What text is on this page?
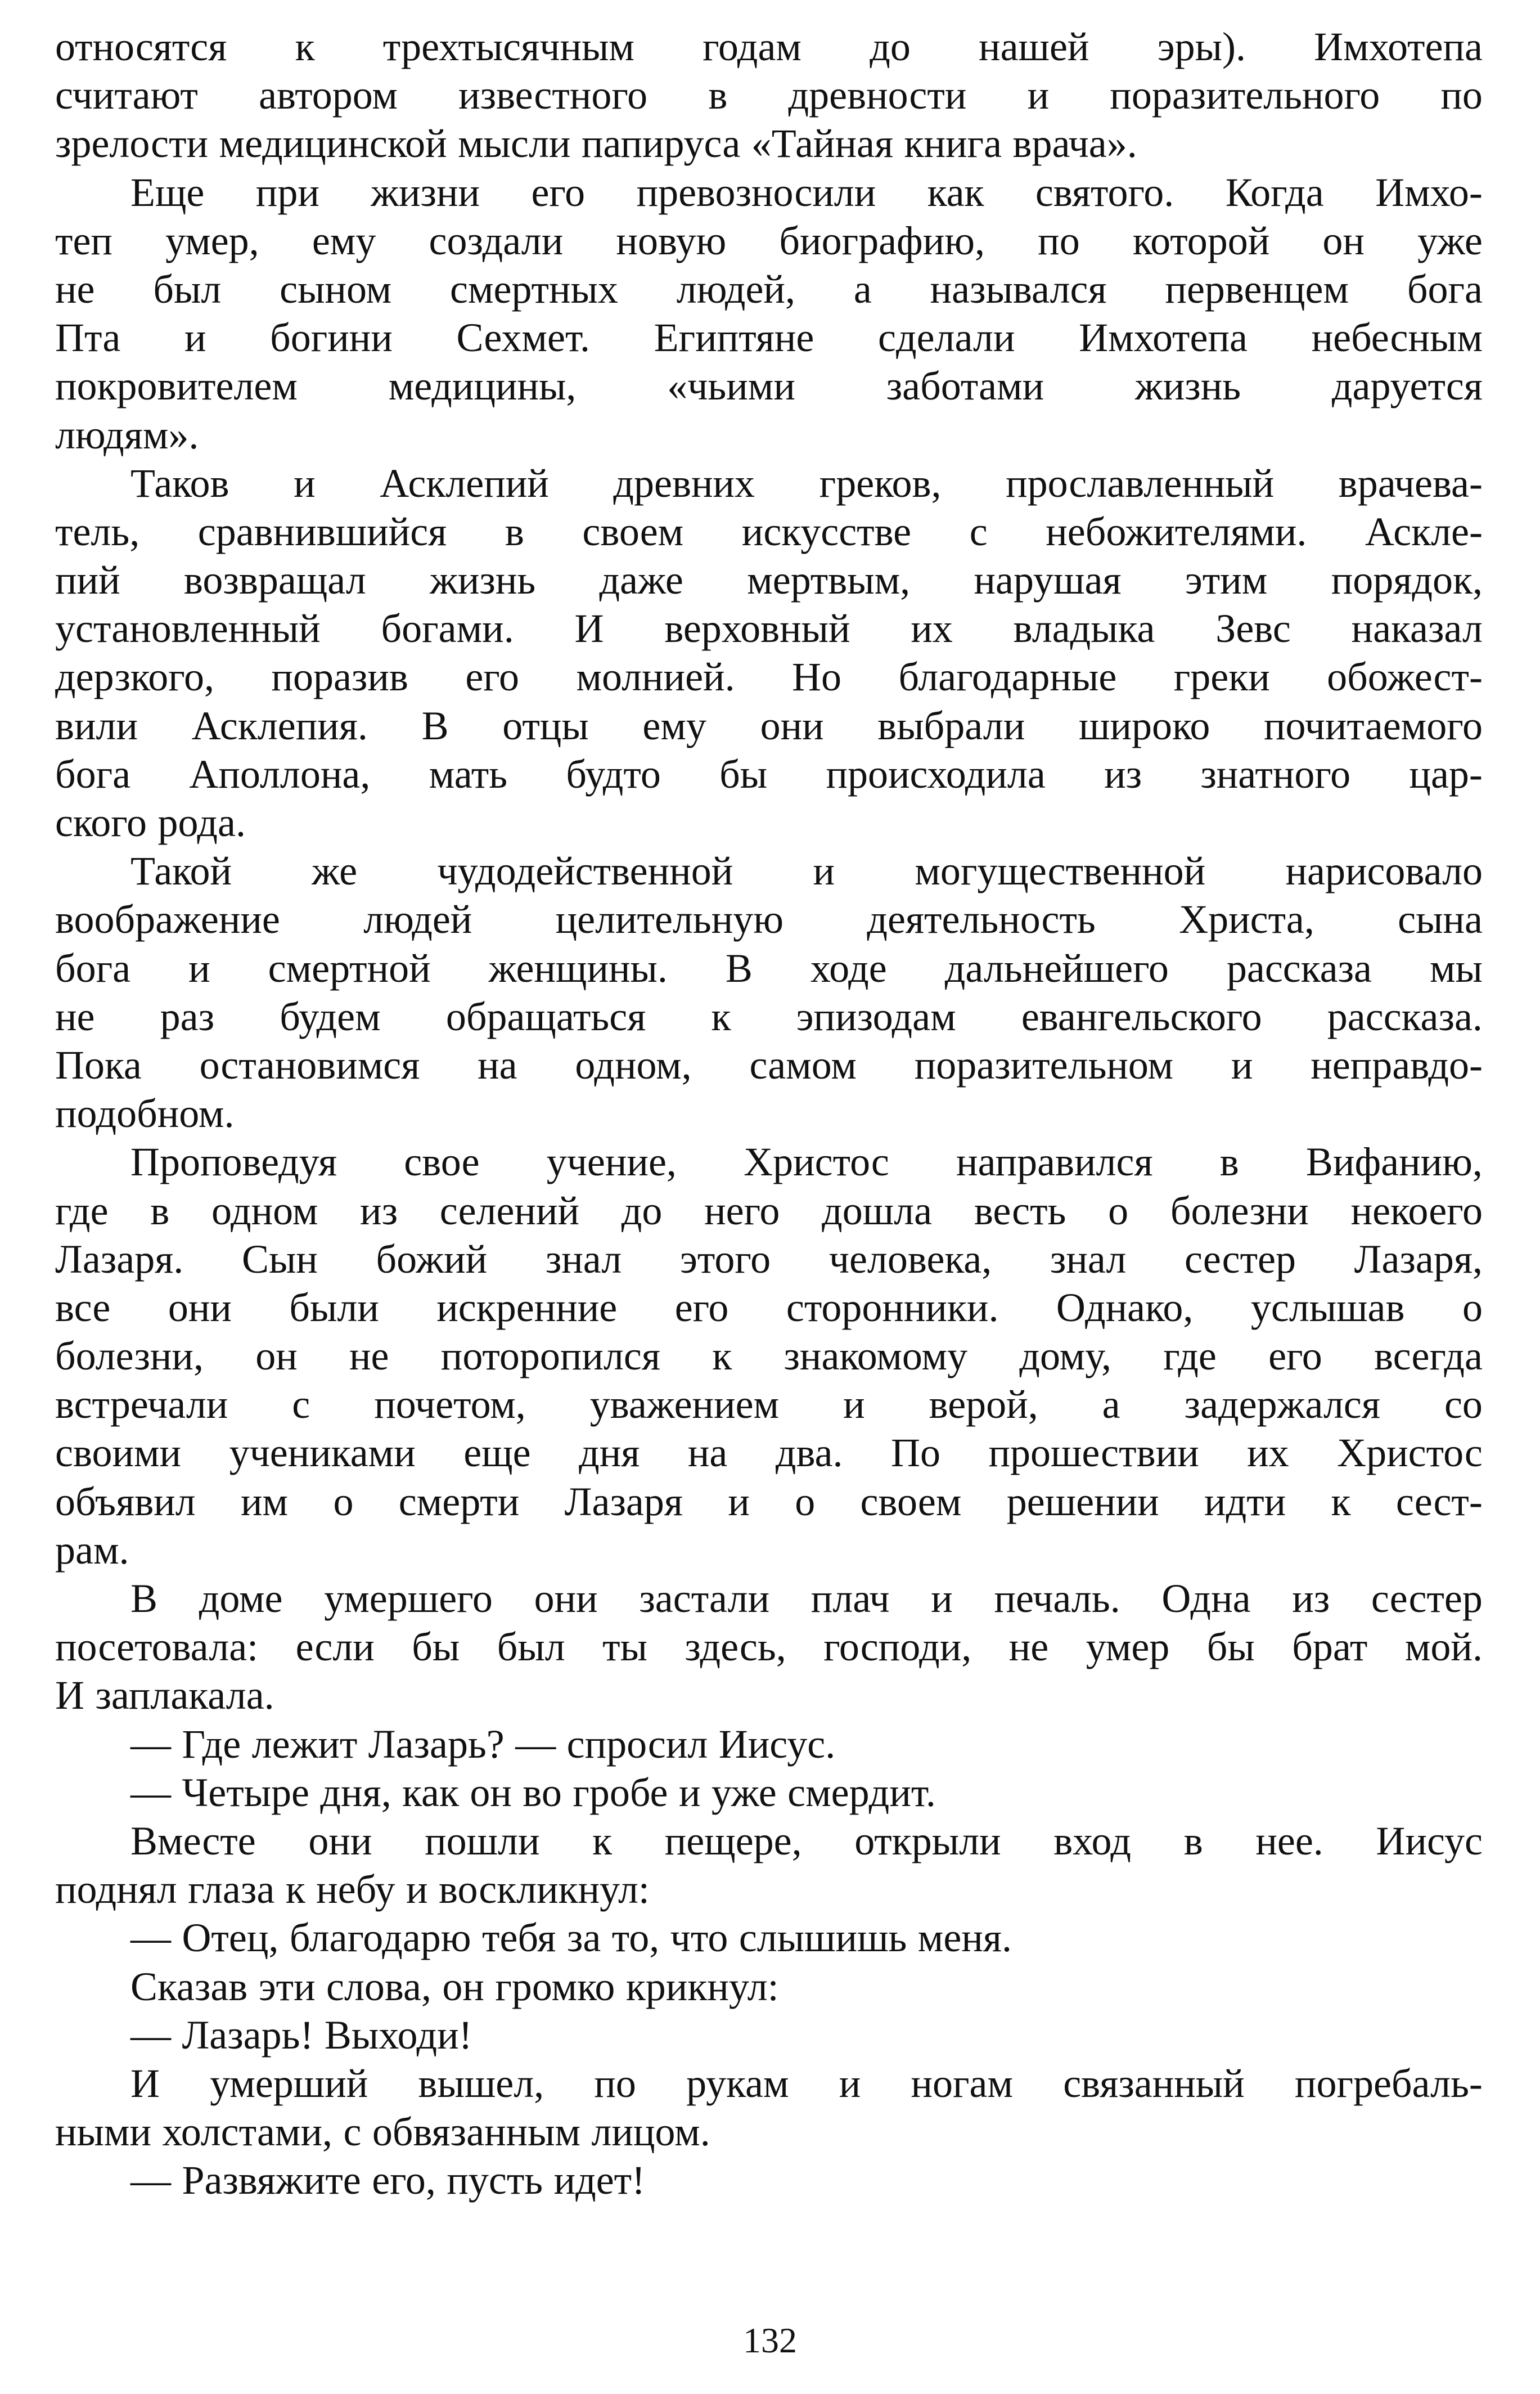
относятся к трехтысячным годам до нашей эры). Имхотепа
считают автором известного в древности и поразительного по
зрелости медицинской мысли папируса «Тайная книга врача».
Еще при жизни его превозносили как святого. Когда Имхо-
теп умер, ему создали новую биографию, по которой он уже
не был сыном смертных людей, а назывался первенцем бога
Пта и богини Сехмет. Египтяне сделали Имхотепа небесным
покровителем медицины, «чьими заботами жизнь даруется
людям».
Таков и Асклепий древних греков, прославленный врачева-
тель, сравнившийся в своем искусстве с небожителями. Аскле-
пий возвращал жизнь даже мертвым, нарушая этим порядок,
установленный богами. И верховный их владыка Зевс наказал
дерзкого, поразив его молнией. Но благодарные греки обожест-
вили Асклепия. В отцы ему они выбрали широко почитаемого
бога Аполлона, мать будто бы происходила из знатного цар-
ского рода.
Такой же чудодейственной и могущественной нарисовало
воображение людей целительную деятельность Христа, сына
бога и смертной женщины. В ходе дальнейшего рассказа мы
не раз будем обращаться к эпизодам евангельского рассказа.
Пока остановимся на одном, самом поразительном и неправдо-
подобном.
Проповедуя свое учение, Христос направился в Вифанию,
где в одном из селений до него дошла весть о болезни некоего
Лазаря. Сын божий знал этого человека, знал сестер Лазаря,
все они были искренние его сторонники. Однако, услышав о
болезни, он не поторопился к знакомому дому, где его всегда
встречали с почетом, уважением и верой, а задержался со
своими учениками еще дня на два. По прошествии их Христос
объявил им о смерти Лазаря и о своем решении идти к сест-
рам.
В доме умершего они застали плач и печаль. Одна из сестер
посетовала: если бы был ты здесь, господи, не умер бы брат мой.
И заплакала.
— Где лежит Лазарь? — спросил Иисус.
— Четыре дня, как он во гробе и уже смердит.
Вместе они пошли к пещере, открыли вход в нее. Иисус
поднял глаза к небу и воскликнул:
— Отец, благодарю тебя за то, что слышишь меня.
Сказав эти слова, он громко крикнул:
— Лазарь! Выходи!
И умерший вышел, по рукам и ногам связанный погребаль-
ными холстами, с обвязанным лицом.
— Развяжите его, пусть идет!
132
